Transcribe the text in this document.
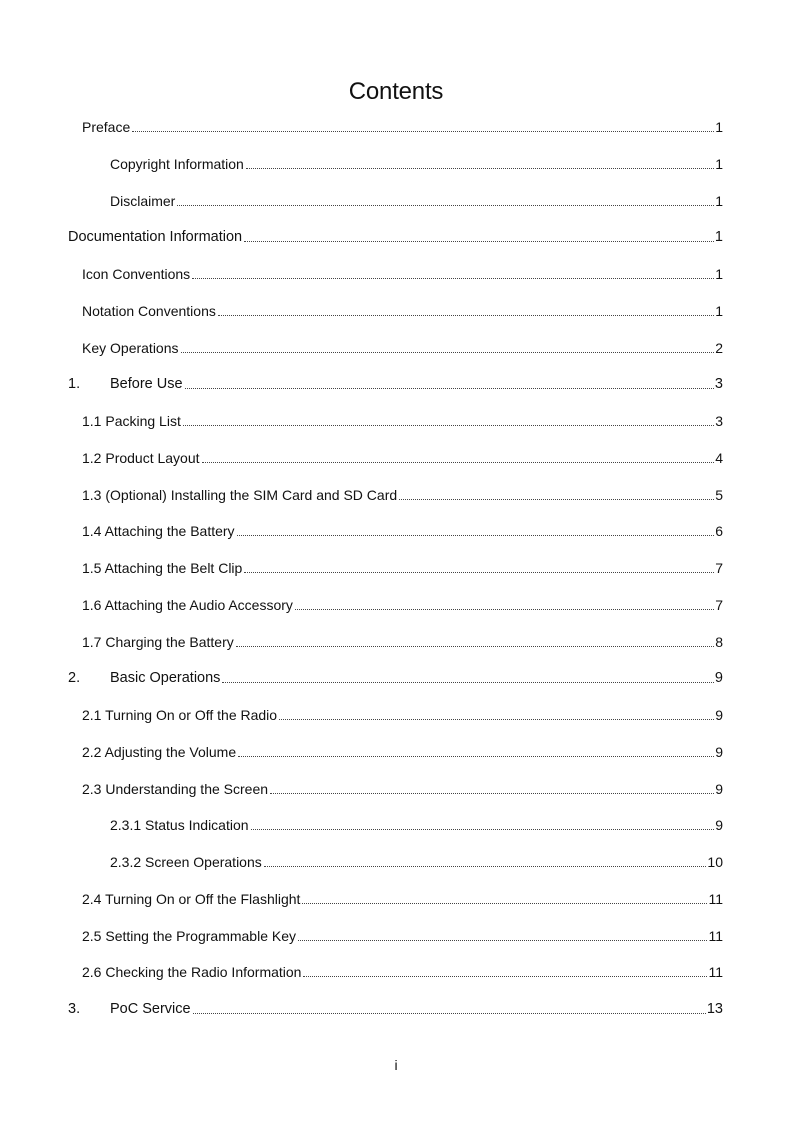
Contents
Preface	1
Copyright Information	1
Disclaimer	1
Documentation Information	1
Icon Conventions	1
Notation Conventions	1
Key Operations	2
1.	Before Use	3
1.1 Packing List	3
1.2 Product Layout	4
1.3 (Optional) Installing the SIM Card and SD Card	5
1.4 Attaching the Battery	6
1.5 Attaching the Belt Clip	7
1.6 Attaching the Audio Accessory	7
1.7 Charging the Battery	8
2.	Basic Operations	9
2.1 Turning On or Off the Radio	9
2.2 Adjusting the Volume	9
2.3 Understanding the Screen	9
2.3.1 Status Indication	9
2.3.2 Screen Operations	10
2.4 Turning On or Off the Flashlight	11
2.5 Setting the Programmable Key	11
2.6 Checking the Radio Information	11
3.	PoC Service	13
i
